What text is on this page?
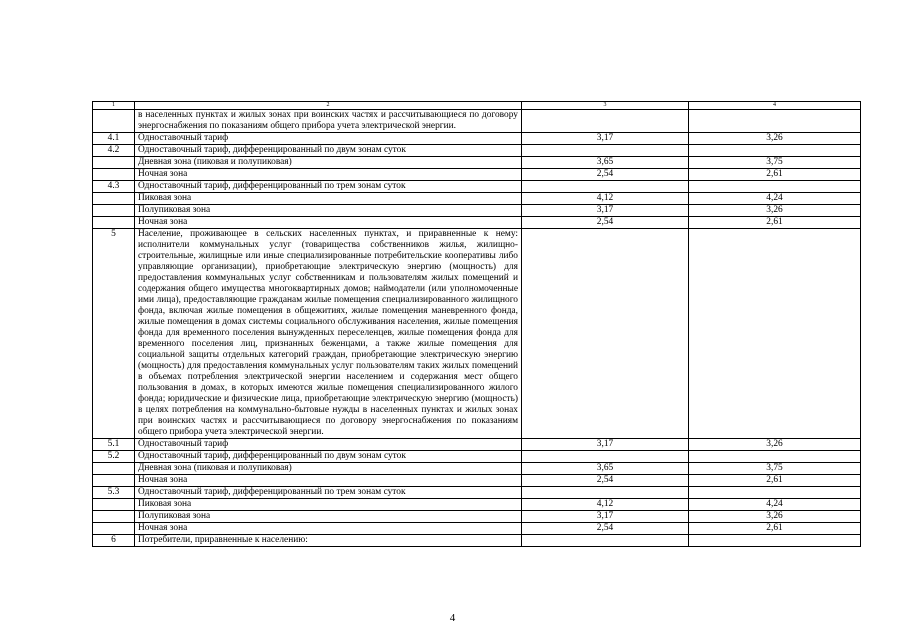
1	2	3	4
	в населенных пунктах и жилых зонах при воинских частях и рассчитывающиеся по договору энергоснабжения по показаниям общего прибора учета электрической энергии.		
4.1	Одноставочный тариф	3,17	3,26
4.2	Одноставочный тариф, дифференцированный по двум зонам суток		
	Дневная зона (пиковая и полупиковая)	3,65	3,75
	Ночная зона	2,54	2,61
4.3	Одноставочный тариф, дифференцированный по трем зонам суток		
	Пиковая зона	4,12	4,24
	Полупиковая зона	3,17	3,26
	Ночная зона	2,54	2,61
5	Население, проживающее в сельских населенных пунктах, и приравненные к нему: исполнители коммунальных услуг (товарищества собственников жилья, жилищно-строительные, жилищные или иные специализированные потребительские кооперативы либо управляющие организации), приобретающие электрическую энергию (мощность) для предоставления коммунальных услуг собственникам и пользователям жилых помещений и содержания общего имущества многоквартирных домов; наймодатели (или уполномоченные ими лица), предоставляющие гражданам жилые помещения специализированного жилищного фонда, включая жилые помещения в общежитиях, жилые помещения маневренного фонда, жилые помещения в домах системы социального обслуживания населения, жилые помещения фонда для временного поселения вынужденных переселенцев, жилые помещения фонда для временного поселения лиц, признанных беженцами, а также жилые помещения для социальной защиты отдельных категорий граждан, приобретающие электрическую энергию (мощность) для предоставления коммунальных услуг пользователям таких жилых помещений в объемах потребления электрической энергии населением и содержания мест общего пользования в домах, в которых имеются жилые помещения специализированного жилого фонда; юридические и физические лица, приобретающие электрическую энергию (мощность) в целях потребления на коммунально-бытовые нужды в населенных пунктах и жилых зонах при воинских частях и рассчитывающиеся по договору энергоснабжения по показаниям общего прибора учета электрической энергии.		
5.1	Одноставочный тариф	3,17	3,26
5.2	Одноставочный тариф, дифференцированный по двум зонам суток		
	Дневная зона (пиковая и полупиковая)	3,65	3,75
	Ночная зона	2,54	2,61
5.3	Одноставочный тариф, дифференцированный по трем зонам суток		
	Пиковая зона	4,12	4,24
	Полупиковая зона	3,17	3,26
	Ночная зона	2,54	2,61
6	Потребители, приравненные к населению:		
4
